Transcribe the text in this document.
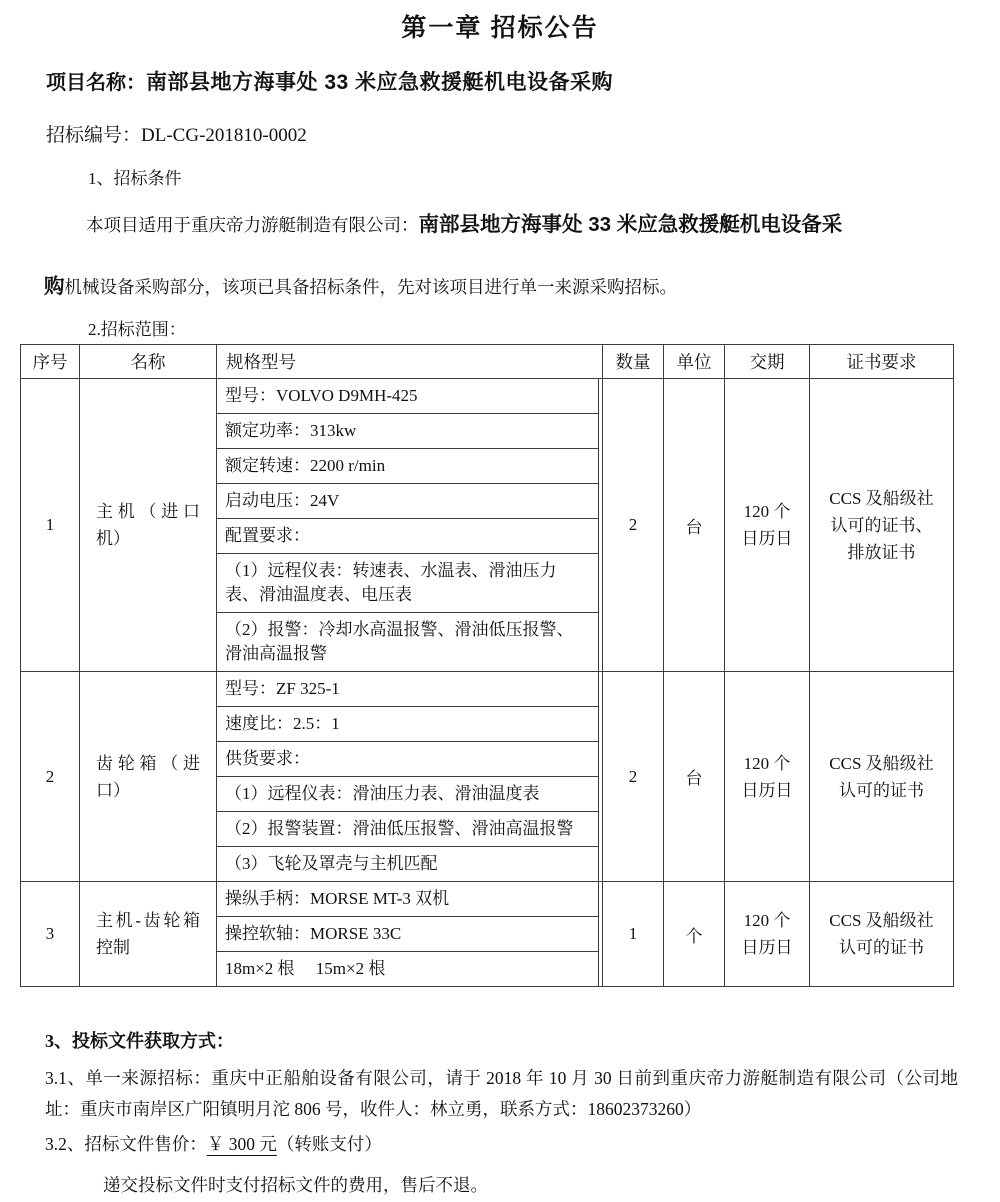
第一章 招标公告
项目名称：南部县地方海事处 33 米应急救援艇机电设备采购
招标编号：DL-CG-201810-0002
1、招标条件
本项目适用于重庆帝力游艇制造有限公司：南部县地方海事处 33 米应急救援艇机电设备采
购机械设备采购部分，该项已具备招标条件，先对该项目进行单一来源采购招标。
2.招标范围：
序号	名称	规格型号	数量	单位	交期	证书要求
1	主机（进口机）	
型号：VOLVO D9MH-425
额定功率：313kw
额定转速：2200 r/min
启动电压：24V
配置要求：
（1）远程仪表：转速表、水温表、滑油压力表、滑油温度表、电压表
（2）报警：冷却水高温报警、滑油低压报警、滑油高温报警
	2	台	120 个日历日	CCS 及船级社认可的证书、排放证书
2	齿轮箱（进口）	
型号：ZF 325-1
速度比：2.5：1
供货要求：
（1）远程仪表：滑油压力表、滑油温度表
（2）报警装置：滑油低压报警、滑油高温报警
（3）飞轮及罩壳与主机匹配
	2	台	120 个日历日	CCS 及船级社认可的证书
3	主机-齿轮箱控制	
操纵手柄：MORSE MT-3 双机
操控软轴：MORSE 33C
18m×2 根　 15m×2 根
	1	个	120 个日历日	CCS 及船级社认可的证书
3、投标文件获取方式：
3.1、单一来源招标：重庆中正船舶设备有限公司，请于 2018 年 10 月 30 日前到重庆帝力游艇制造有限公司（公司地址：重庆市南岸区广阳镇明月沱 806 号，收件人：林立勇，联系方式：18602373260）
3.2、招标文件售价：￥ 300 元（转账支付）
递交投标文件时支付招标文件的费用，售后不退。
